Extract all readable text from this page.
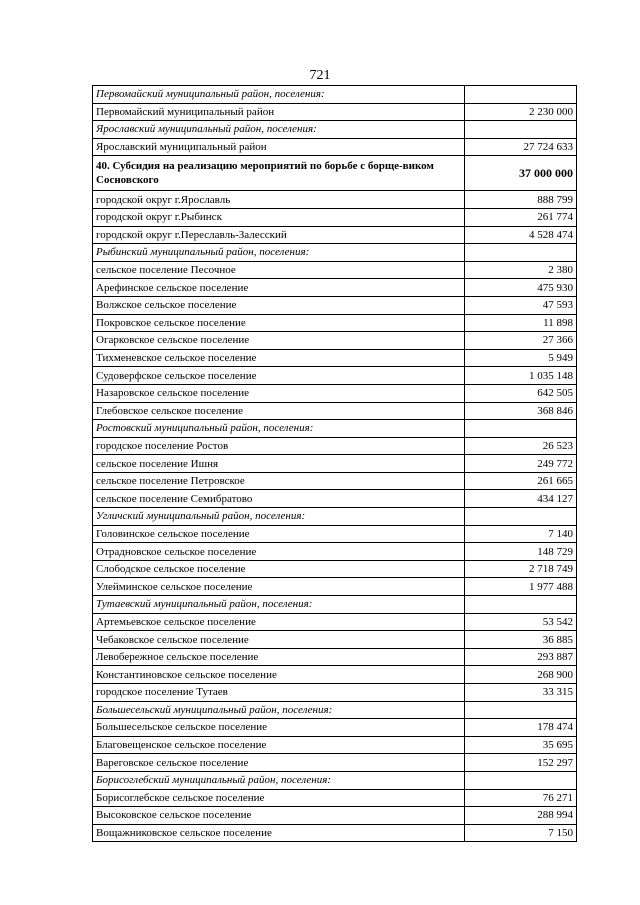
721
Первомайский муниципальный район, поселения:	
Первомайский муниципальный район	2 230 000
Ярославский муниципальный район, поселения:	
Ярославский муниципальный район	27 724 633
40. Субсидия на реализацию мероприятий по борьбе с борще-виком Сосновского	37 000 000
городской округ г.Ярославль	888 799
городской округ г.Рыбинск	261 774
городской округ г.Переславль-Залесский	4 528 474
Рыбинский муниципальный район, поселения:	
сельское поселение Песочное	2 380
Арефинское сельское поселение	475 930
Волжское сельское поселение	47 593
Покровское сельское поселение	11 898
Огарковское сельское поселение	27 366
Тихменевское сельское поселение	5 949
Судоверфское сельское поселение	1 035 148
Назаровское сельское поселение	642 505
Глебовское сельское поселение	368 846
Ростовский муниципальный район, поселения:	
городское поселение Ростов	26 523
сельское поселение Ишня	249 772
сельское поселение Петровское	261 665
сельское поселение Семибратово	434 127
Угличский муниципальный район, поселения:	
Головинское сельское поселение	7 140
Отрадновское сельское поселение	148 729
Слободское сельское поселение	2 718 749
Улейминское сельское поселение	1 977 488
Тутаевский муниципальный район, поселения:	
Артемьевское сельское поселение	53 542
Чебаковское сельское поселение	36 885
Левобережное сельское поселение	293 887
Константиновское сельское поселение	268 900
городское поселение Тутаев	33 315
Большесельский муниципальный район, поселения:	
Большесельское сельское поселение	178 474
Благовещенское сельское поселение	35 695
Вареговское сельское поселение	152 297
Борисоглебский муниципальный район, поселения:	
Борисоглебское сельское поселение	76 271
Высоковское сельское поселение	288 994
Вощажниковское сельское поселение	7 150
